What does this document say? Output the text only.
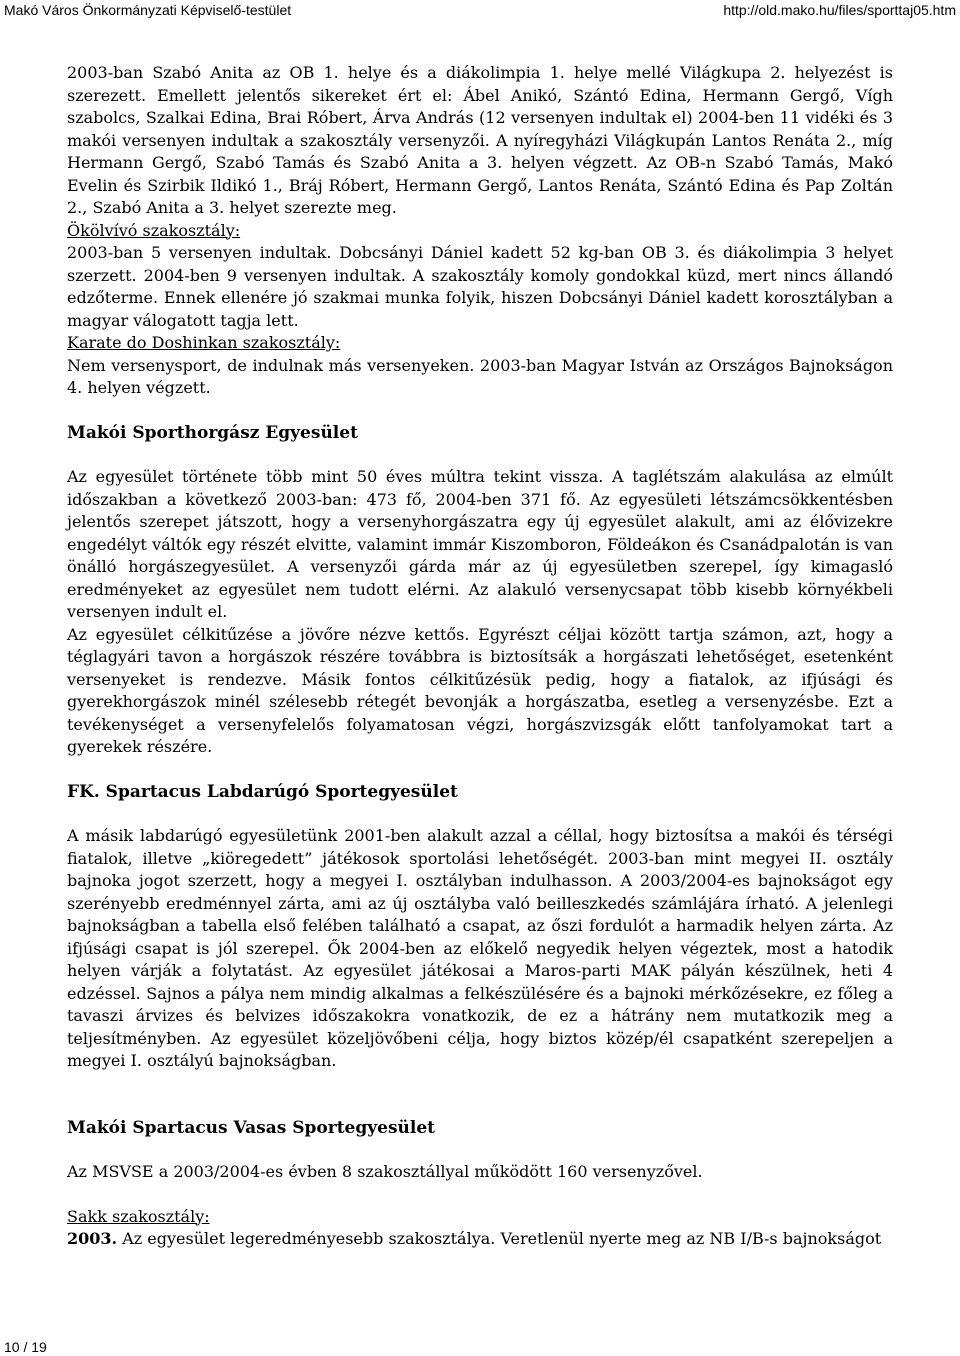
Makó Város Önkormányzati Képviselő-testület	http://old.mako.hu/files/sporttaj05.htm

2003-ban Szabó Anita az OB 1. helye és a diákolimpia 1. helye mellé Világkupa 2. helyezést is szerezett. Emellett jelentős sikereket ért el: Ábel Anikó, Szántó Edina, Hermann Gergő, Vígh szabolcs, Szalkai Edina, Brai Róbert, Árva András (12 versenyen indultak el) 2004-ben 11 vidéki és 3 makói versenyen indultak a szakosztály versenyzői. A nyíregyházi Világkupán Lantos Renáta 2., míg Hermann Gergő, Szabó Tamás és Szabó Anita a 3. helyen végzett. Az OB-n Szabó Tamás, Makó Evelin és Szirbik Ildikó 1., Bráj Róbert, Hermann Gergő, Lantos Renáta, Szántó Edina és Pap Zoltán 2., Szabó Anita a 3. helyet szerezte meg.

Ökölvívó szakosztály:

2003-ban 5 versenyen indultak. Dobcsányi Dániel kadett 52 kg-ban OB 3. és diákolimpia 3 helyet szerzett. 2004-ben 9 versenyen indultak. A szakosztály komoly gondokkal küzd, mert nincs állandó edzőterme. Ennek ellenére jó szakmai munka folyik, hiszen Dobcsányi Dániel kadett korosztályban a magyar válogatott tagja lett.

Karate do Doshinkan szakosztály:

Nem versenysport, de indulnak más versenyeken. 2003-ban Magyar István az Országos Bajnokságon 4. helyen végzett.

Makói Sporthorgász Egyesület

Az egyesület története több mint 50 éves múltra tekint vissza. A taglétszám alakulása az elmúlt időszakban a következő 2003-ban: 473 fő, 2004-ben 371 fő. Az egyesületi létszámcsökkentésben jelentős szerepet játszott, hogy a versenyhorgászatra egy új egyesület alakult, ami az élővizekre engedélyt váltók egy részét elvitte, valamint immár Kiszomboron, Földeákon és Csanádpalotán is van önálló horgászegyesület. A versenyzői gárda már az új egyesületben szerepel, így kimagasló eredményeket az egyesület nem tudott elérni. Az alakuló versenycsapat több kisebb környékbeli versenyen indult el.

Az egyesület célkitűzése a jövőre nézve kettős. Egyrészt céljai között tartja számon, azt, hogy a téglagyári tavon a horgászok részére továbbra is biztosítsák a horgászati lehetőséget, esetenként versenyeket is rendezve. Másik fontos célkitűzésük pedig, hogy a fiatalok, az ifjúsági és gyerekhorgászok minél szélesebb rétegét bevonják a horgászatba, esetleg a versenyzésbe. Ezt a tevékenységet a versenyfelelős folyamatosan végzi, horgászvizsgák előtt tanfolyamokat tart a gyerekek részére.

FK. Spartacus Labdarúgó Sportegyesület

A másik labdarúgó egyesületünk 2001-ben alakult azzal a céllal, hogy biztosítsa a makói és térségi fiatalok, illetve „kiöregedett” játékosok sportolási lehetőségét. 2003-ban mint megyei II. osztály bajnoka jogot szerzett, hogy a megyei I. osztályban indulhasson. A 2003/2004-es bajnokságot egy szerényebb eredménnyel zárta, ami az új osztályba való beilleszkedés számlájára írható. A jelenlegi bajnokságban a tabella első felében található a csapat, az őszi fordulót a harmadik helyen zárta. Az ifjúsági csapat is jól szerepel. Ők 2004-ben az előkelő negyedik helyen végeztek, most a hatodik helyen várják a folytatást. Az egyesület játékosai a Maros-parti MAK pályán készülnek, heti 4 edzéssel. Sajnos a pálya nem mindig alkalmas a felkészülésére és a bajnoki mérkőzésekre, ez főleg a tavaszi árvizes és belvizes időszakokra vonatkozik, de ez a hátrány nem mutatkozik meg a teljesítményben. Az egyesület közeljövőbeni célja, hogy biztos közép/él csapatként szerepeljen a megyei I. osztályú bajnokságban.

Makói Spartacus Vasas Sportegyesület

Az MSVSE a 2003/2004-es évben 8 szakosztállyal működött 160 versenyzővel.

Sakk szakosztály:

2003. Az egyesület legeredményesebb szakosztálya. Veretlenül nyerte meg az NB I/B-s bajnokságot

10 / 19
